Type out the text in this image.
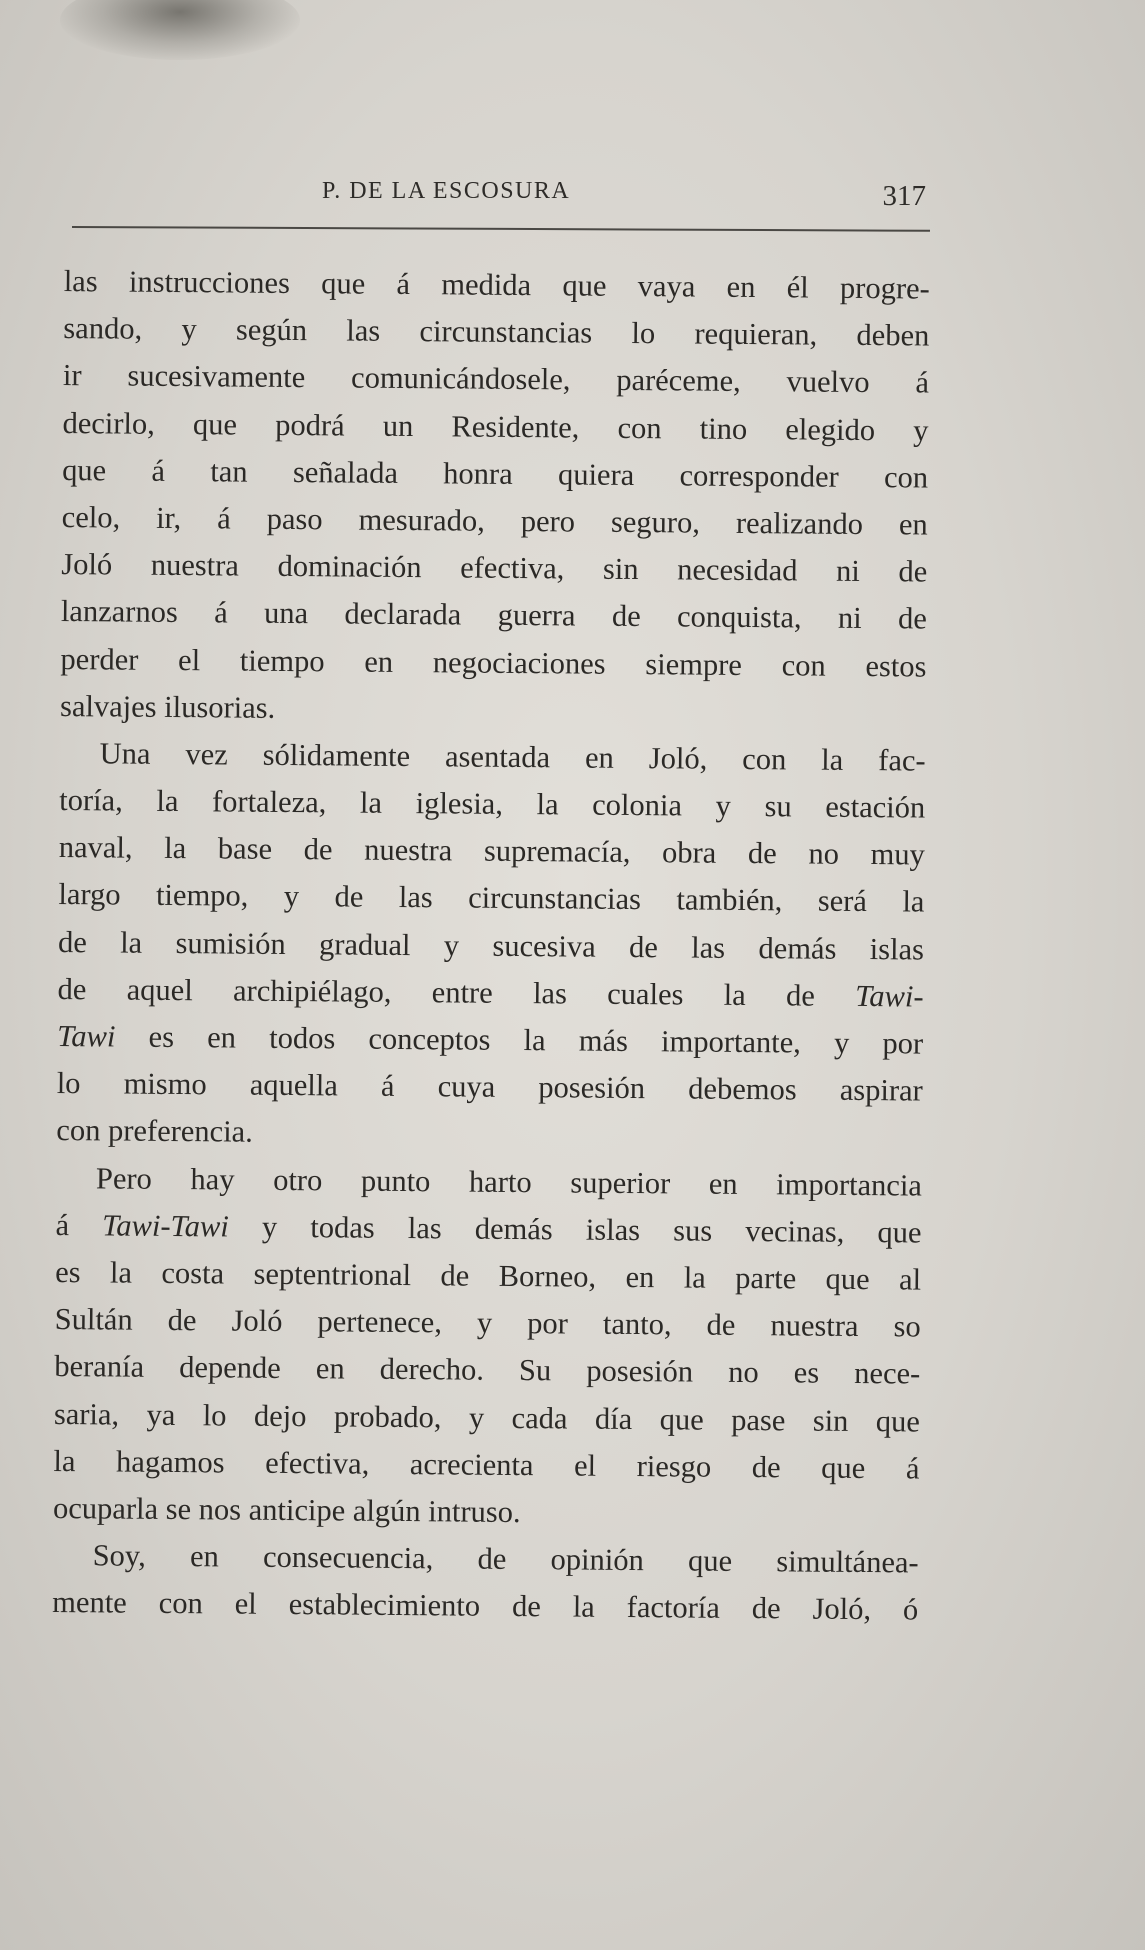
P. DE LA ESCOSURA	317
las instrucciones que á medida que vaya en él progre-
sando, y según las circunstancias lo requieran, deben
ir sucesivamente comunicándosele, paréceme, vuelvo á
decirlo, que podrá un Residente, con tino elegido y
que á tan señalada honra quiera corresponder con
celo, ir, á paso mesurado, pero seguro, realizando en
Joló nuestra dominación efectiva, sin necesidad ni de
lanzarnos á una declarada guerra de conquista, ni de
perder el tiempo en negociaciones siempre con estos
salvajes ilusorias.
Una vez sólidamente asentada en Joló, con la fac-
toría, la fortaleza, la iglesia, la colonia y su estación
naval, la base de nuestra supremacía, obra de no muy
largo tiempo, y de las circunstancias también, será la
de la sumisión gradual y sucesiva de las demás islas
de aquel archipiélago, entre las cuales la de Tawi-
Tawi es en todos conceptos la más importante, y por
lo mismo aquella á cuya posesión debemos aspirar
con preferencia.
Pero hay otro punto harto superior en importancia
á Tawi-Tawi y todas las demás islas sus vecinas, que
es la costa septentrional de Borneo, en la parte que al
Sultán de Joló pertenece, y por tanto, de nuestra so
beranía depende en derecho. Su posesión no es nece-
saria, ya lo dejo probado, y cada día que pase sin que
la hagamos efectiva, acrecienta el riesgo de que á
ocuparla se nos anticipe algún intruso.
Soy, en consecuencia, de opinión que simultánea-
mente con el establecimiento de la factoría de Joló, ó
